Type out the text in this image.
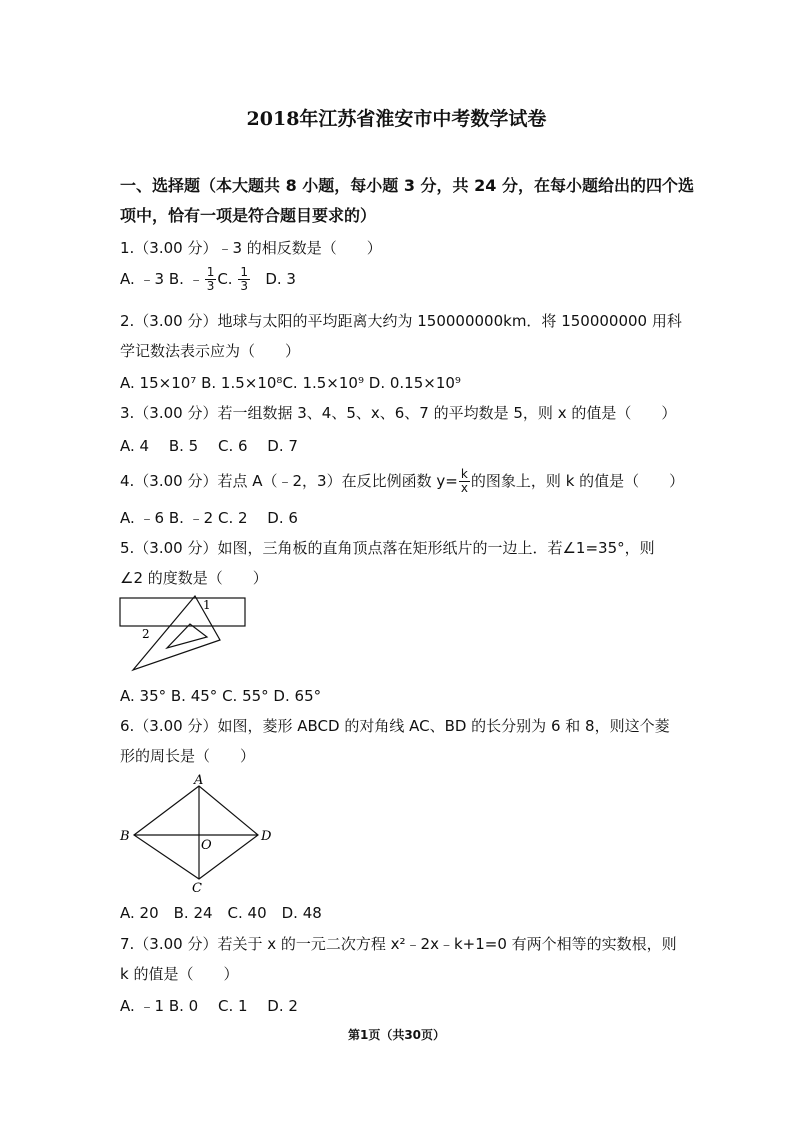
2018年江苏省淮安市中考数学试卷
一、选择题（本大题共 8 小题，每小题 3 分，共 24 分，在每小题给出的四个选
项中，恰有一项是符合题目要求的）
1.（3.00 分）﹣3 的相反数是（　　）
A. ﹣3 B. ﹣ $\frac{1}{3} C$. $\frac{1}{3} D$. 3
2.（3.00 分）地球与太阳的平均距离大约为 150000000km．将 150000000 用科
学记数法表示应为（　　）
A. 15×10⁷ B. 1.5×10⁸C. 1.5×10⁹ D. 0.15×10⁹
3.（3.00 分）若一组数据 3、4、5、x、6、7 的平均数是 5，则 x 的值是（　　）
A. 4　 B. 5　 C. 6　 D. 7
4.（3.00 分）若点 A（﹣2，3）在反比例函数 $y= \frac{k}{x}$ 的图象上，则 k 的值是（　　）
A. ﹣6 B. ﹣2 C. 2　 D. 6
5.（3.00 分）如图，三角板的直角顶点落在矩形纸片的一边上．若∠1=35°，则
∠2 的度数是（　　）
1
2
A. 35° B. 45° C. 55° D. 65°
6.（3.00 分）如图，菱形 ABCD 的对角线 AC、BD 的长分别为 6 和 8，则这个菱
形的周长是（　　）
A
B
C
D
O
A. 20　B. 24　C. 40　D. 48
7.（3.00 分）若关于 x 的一元二次方程 x²﹣2x﹣k+1=0 有两个相等的实数根，则
k 的值是（　　）
A. ﹣1 B. 0　 C. 1　 D. 2
第1页（共30页）
